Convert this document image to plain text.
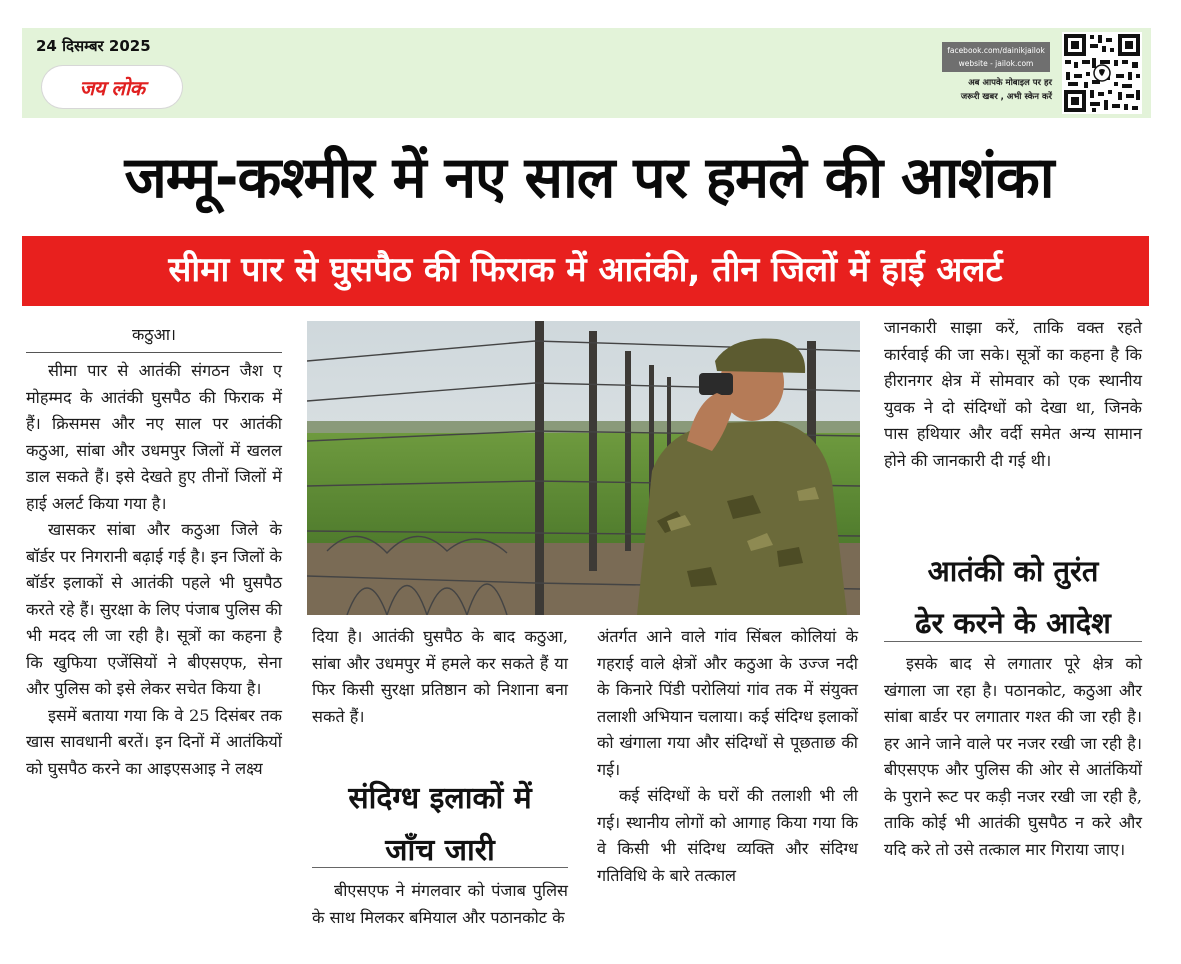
24 दिसम्बर 2025
जय लोक
facebook.com/dainikjailok
website - jailok.com
अब आपके मोबाइल पर हर
जरूरी खबर , अभी स्केन करें
जम्मू-कश्मीर में नए साल पर हमले की आशंका
सीमा पार से घुसपैठ की फिराक में आतंकी, तीन जिलों में हाई अलर्ट
कठुआ।

सीमा पार से आतंकी संगठन जैश ए मोहम्मद के आतंकी घुसपैठ की फिराक में हैं। क्रिसमस और नए साल पर आतंकी कठुआ, सांबा और उधमपुर जिलों में खलल डाल सकते हैं। इसे देखते हुए तीनों जिलों में हाई अलर्ट किया गया है।

खासकर सांबा और कठुआ जिले के बॉर्डर पर निगरानी बढ़ाई गई है। इन जिलों के बॉर्डर इलाकों से आतंकी पहले भी घुसपैठ करते रहे हैं। सुरक्षा के लिए पंजाब पुलिस की भी मदद ली जा रही है। सूत्रों का कहना है कि खुफिया एजेंसियों ने बीएसएफ, सेना और पुलिस को इसे लेकर सचेत किया है।

इसमें बताया गया कि वे 25 दिसंबर तक खास सावधानी बरतें। इन दिनों में आतंकियों को घुसपैठ करने का आइएसआइ ने लक्ष्य

दिया है। आतंकी घुसपैठ के बाद कठुआ, सांबा और उधमपुर में हमले कर सकते हैं या फिर किसी सुरक्षा प्रतिष्ठान को निशाना बना सकते हैं।

संदिग्ध इलाकों में
जाँच जारी

बीएसएफ ने मंगलवार को पंजाब पुलिस के साथ मिलकर बमियाल और पठानकोट के

अंतर्गत आने वाले गांव सिंबल कोलियां के गहराई वाले क्षेत्रों और कठुआ के उज्ज नदी के किनारे पिंडी परोलियां गांव तक में संयुक्त तलाशी अभियान चलाया। कई संदिग्ध इलाकों को खंगाला गया और संदिग्धों से पूछताछ की गई।

कई संदिग्धों के घरों की तलाशी भी ली गई। स्थानीय लोगों को आगाह किया गया कि वे किसी भी संदिग्ध व्यक्ति और संदिग्ध गतिविधि के बारे तत्काल

जानकारी साझा करें, ताकि वक्त रहते कार्रवाई की जा सके। सूत्रों का कहना है कि हीरानगर क्षेत्र में सोमवार को एक स्थानीय युवक ने दो संदिग्धों को देखा था, जिनके पास हथियार और वर्दी समेत अन्य सामान होने की जानकारी दी गई थी।

आतंकी को तुरंत
ढेर करने के आदेश

इसके बाद से लगातार पूरे क्षेत्र को खंगाला जा रहा है। पठानकोट, कठुआ और सांबा बार्डर पर लगातार गश्त की जा रही है। हर आने जाने वाले पर नजर रखी जा रही है। बीएसएफ और पुलिस की ओर से आतंकियों के पुराने रूट पर कड़ी नजर रखी जा रही है, ताकि कोई भी आतंकी घुसपैठ न करे और यदि करे तो उसे तत्काल मार गिराया जाए।
